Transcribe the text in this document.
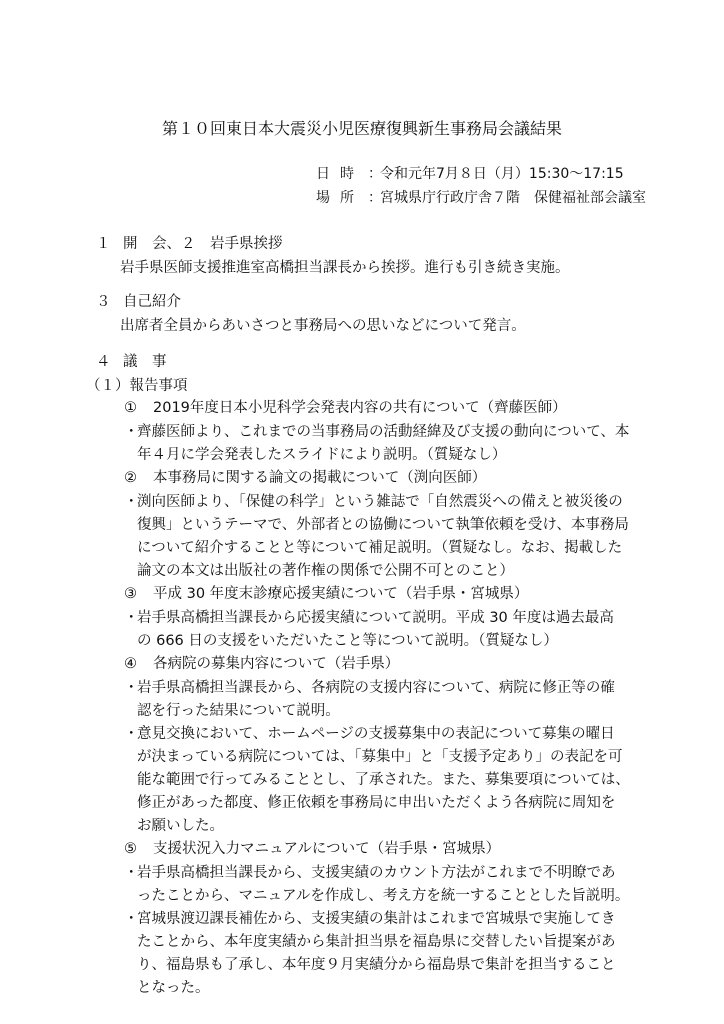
第１０回東日本大震災小児医療復興新生事務局会議結果
日時 ：令和元年7月８日（月）15:30～17:15
場所 ：宮城県庁行政庁舎７階　保健福祉部会議室
１ 開　会、２　岩手県挨拶
岩手県医師支援推進室高橋担当課長から挨拶。進行も引き続き実施。
３ 自己紹介
出席者全員からあいさつと事務局への思いなどについて発言。
４ 議　事
（１）報告事項
① 2019年度日本小児科学会発表内容の共有について（齊藤医師）
・
齊藤医師より、これまでの当事務局の活動経緯及び支援の動向について、本
年４月に学会発表したスライドにより説明。（質疑なし）
② 本事務局に関する論文の掲載について（渕向医師）
・
渕向医師より、「保健の科学」という雑誌で「自然震災への備えと被災後の
復興」というテーマで、外部者との協働について執筆依頼を受け、本事務局
について紹介することと等について補足説明。（質疑なし。なお、掲載した
論文の本文は出版社の著作権の関係で公開不可とのこと）
③ 平成 30 年度末診療応援実績について（岩手県・宮城県）
・
岩手県高橋担当課長から応援実績について説明。平成 30 年度は過去最高
の 666 日の支援をいただいたこと等について説明。（質疑なし）
④ 各病院の募集内容について（岩手県）
・
岩手県高橋担当課長から、各病院の支援内容について、病院に修正等の確
認を行った結果について説明。
・
意見交換において、ホームページの支援募集中の表記について募集の曜日
が決まっている病院については、「募集中」と「支援予定あり」の表記を可
能な範囲で行ってみることとし、了承された。また、募集要項については、
修正があった都度、修正依頼を事務局に申出いただくよう各病院に周知を
お願いした。
⑤ 支援状況入力マニュアルについて（岩手県・宮城県）
・
岩手県高橋担当課長から、支援実績のカウント方法がこれまで不明瞭であ
ったことから、マニュアルを作成し、考え方を統一することとした旨説明。
・
宮城県渡辺課長補佐から、支援実績の集計はこれまで宮城県で実施してき
たことから、本年度実績から集計担当県を福島県に交替したい旨提案があ
り、福島県も了承し、本年度９月実績分から福島県で集計を担当すること
となった。
